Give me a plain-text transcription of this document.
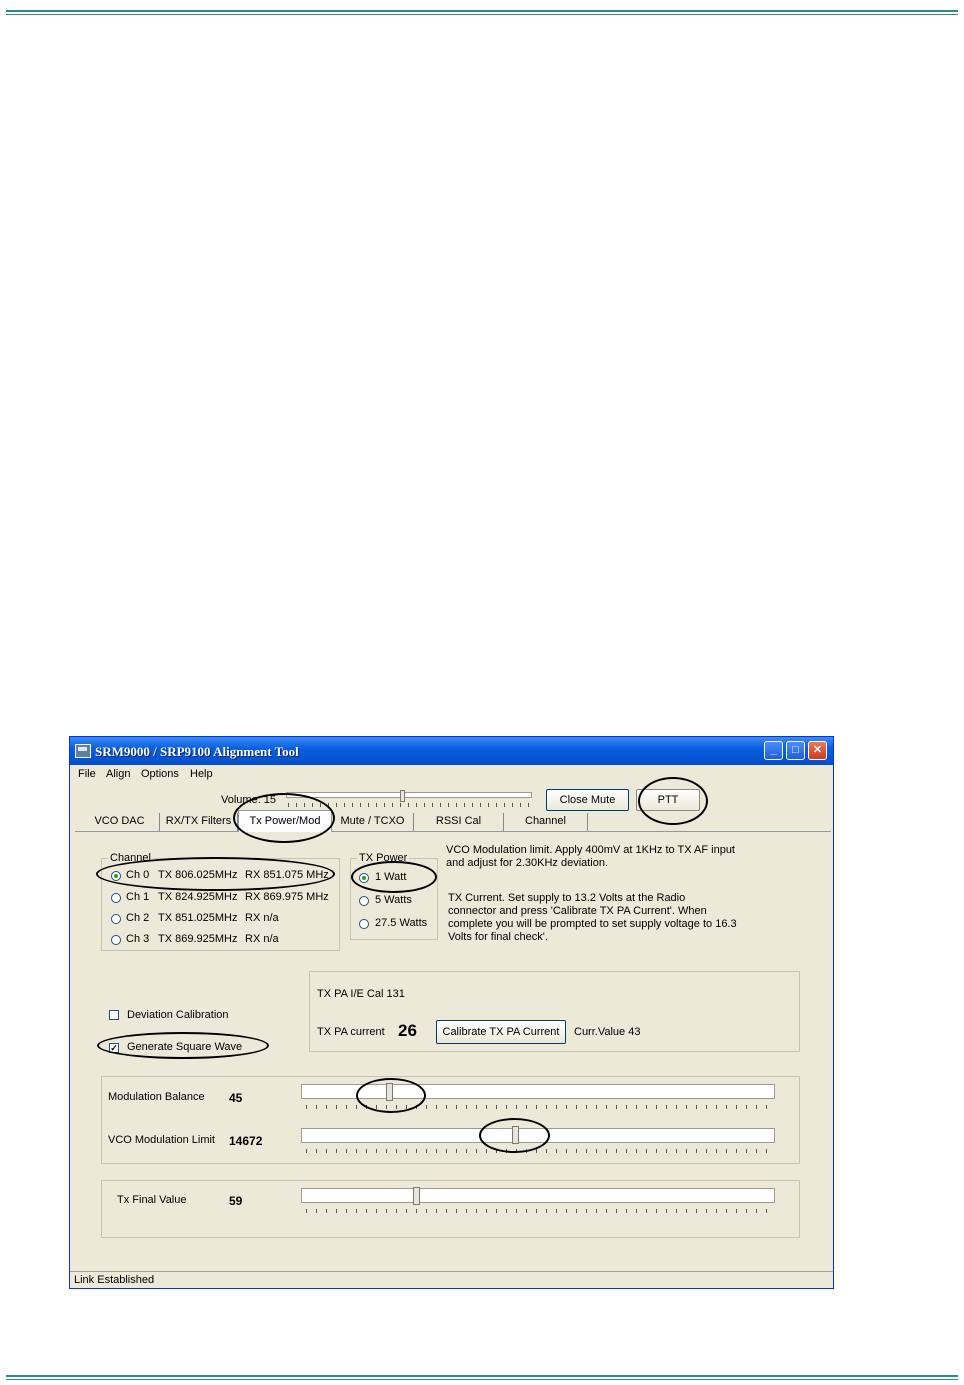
SRM9000 / SRP9100 Alignment Tool	_	□	✕
File Align Options Help
Volume: 15	Close Mute	PTT
VCO DAC	RX/TX Filters	Tx Power/Mod	Mute / TCXO	RSSI Cal	Channel
Channel
Ch 0 TX 806.025MHz RX 851.075 MHz
Ch 1 TX 824.925MHz RX 869.975 MHz
Ch 2 TX 851.025MHz RX n/a
Ch 3 TX 869.925MHz RX n/a
TX Power
1 Watt
5 Watts
27.5 Watts
VCO Modulation limit. Apply 400mV at 1KHz to TX AF input
and adjust for 2.30KHz deviation.
TX Current. Set supply to 13.2 Volts at the Radio
connector and press 'Calibrate TX PA Current'. When
complete you will be prompted to set supply voltage to 16.3
Volts for final check'.
Deviation Calibration
✓ Generate Square Wave
TX PA I/E Cal 131
TX PA current 26	Calibrate TX PA Current	Curr.Value 43
Modulation Balance 45
VCO Modulation Limit 14672
Tx Final Value	59
Link Established
